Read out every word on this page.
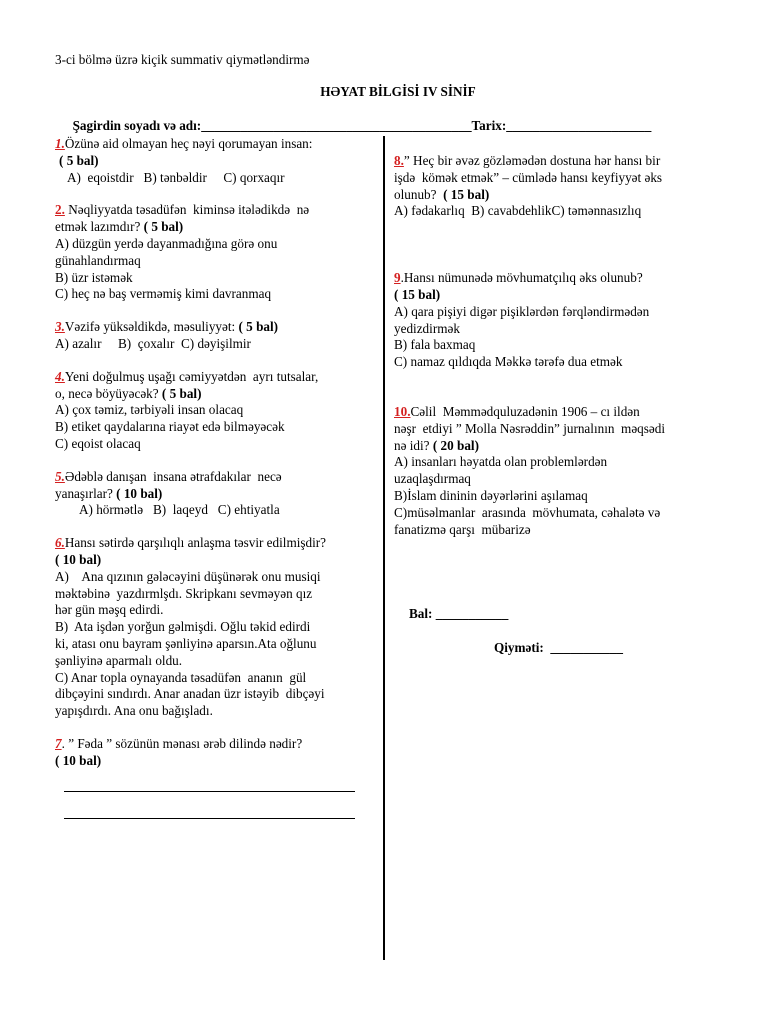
3-ci bölmə üzrə kiçik summativ qiymətləndirmə
HƏYAT BİLGİSİ IV SİNİF

Şagirdin soyadı və adı:_________________________________________Tarix:______________________

1.Özünə aid olmayan heç nəyi qorumayan insan:
( 5 bal)
A)  eqoistdir   B) tənbəldir     C) qorxaqır
2. Nəqliyyatda təsadüfən  kiminsə itələdikdə  nə
etmək lazımdır? ( 5 bal)
A) düzgün yerdə dayanmadığına görə onu
günahlandırmaq
B) üzr istəmək
C) heç nə baş verməmiş kimi davranmaq
3.Vəzifə yüksəldikdə, məsuliyyət: ( 5 bal)
A) azalır     B)  çoxalır  C) dəyişilmir
4.Yeni doğulmuş uşağı cəmiyyətdən  ayrı tutsalar,
o, necə böyüyəcək? ( 5 bal)
A) çox təmiz, tərbiyəli insan olacaq
B) etiket qaydalarına riayət edə bilməyəcək
C) eqoist olacaq
5.Ədəblə danışan  insana ətrafdakılar  necə
yanaşırlar? ( 10 bal)
A) hörmətlə   B)  laqeyd   C) ehtiyatla
6.Hansı sətirdə qarşılıqlı anlaşma təsvir edilmişdir?
( 10 bal)
A)    Ana qızının gələcəyini düşünərək onu musiqi
məktəbinə  yazdırmlşdı. Skripkanı sevməyən qız
hər gün məşq edirdi.
B)  Ata işdən yorğun gəlmişdi. Oğlu təkid edirdi
ki, atası onu bayram şənliyinə aparsın.Ata oğlunu
şənliyinə aparmalı oldu.
C) Anar topla oynayanda təsadüfən  ananın  gül
dibçəyini sındırdı. Anar anadan üzr istəyib  dibçəyi
yapışdırdı. Ana onu bağışladı.
7. ” Fəda ” sözünün mənası ərəb dilində nədir?
( 10 bal)
8.” Heç bir əvəz gözləmədən dostuna hər hansı bir
işdə  kömək etmək” – cümlədə hansı keyfiyyət əks
olunub?  ( 15 bal)
A) fədakarlıq  B) cavabdehlikC) təmənnasızlıq
9.Hansı nümunədə mövhumatçılıq əks olunub?
( 15 bal)
A) qara pişiyi digər pişiklərdən fərqləndirmədən
yedizdirmək
B) fala baxmaq
C) namaz qıldıqda Məkkə tərəfə dua etmək
10.Cəlil  Məmmədquluzadənin 1906 – cı ildən
nəşr  etdiyi ” Molla Nəsrəddin” jurnalının  məqsədi
nə idi? ( 20 bal)
A) insanları həyatda olan problemlərdən
uzaqlaşdırmaq
B)İslam dininin dəyərlərini aşılamaq
C)müsəlmanlar  arasında  mövhumata, cəhalətə və
fanatizmə qarşı  mübarizə
Bal: ___________
Qiyməti:  ___________
